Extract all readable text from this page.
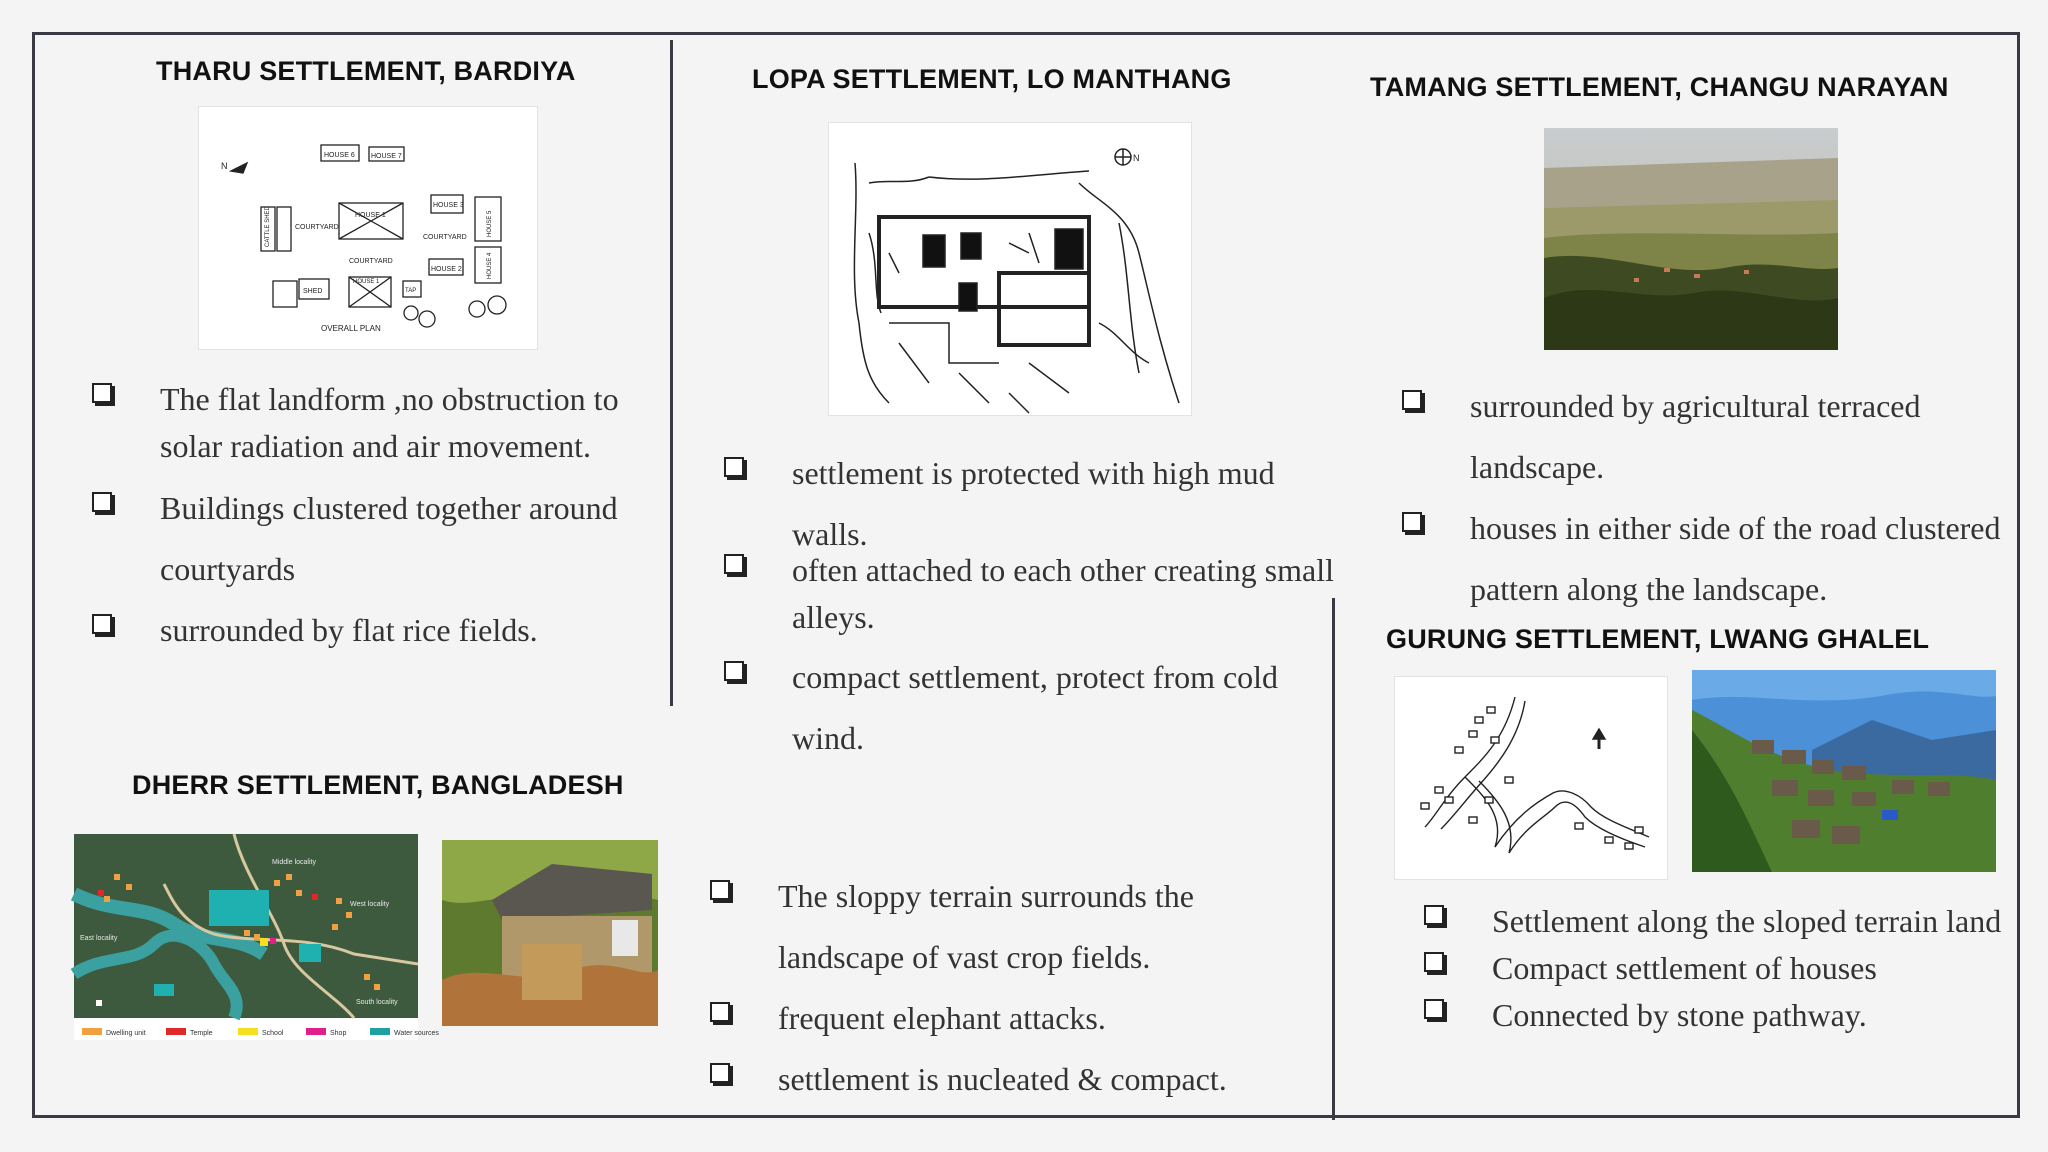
THARU SETTLEMENT, BARDIYA
N
HOUSE 6 HOUSE 7
CATTLE SHED	COURTYARD
HOUSE 1
COURTYARD
HOUSE 3
COURTYARD
HOUSE 5
HOUSE 4
HOUSE 2
SHED
HOUSE 1
TAP
OVERALL PLAN
The flat landform ,no obstruction to solar radiation and air movement.
Buildings clustered together around courtyards
surrounded by flat rice fields.
LOPA SETTLEMENT, LO MANTHANG
N
settlement is protected with high mud walls.
often attached to each other creating small alleys.
compact settlement, protect from cold wind.
TAMANG SETTLEMENT, CHANGU NARAYAN
surrounded by agricultural terraced landscape.
houses in either side of the road clustered pattern along the landscape.
DHERR SETTLEMENT, BANGLADESH
Middle locality
West locality
East locality
South locality
Dwelling unit	Temple	School	Shop	Water sources
The sloppy terrain surrounds the landscape of vast crop fields.
frequent elephant attacks.
settlement is nucleated & compact.
GURUNG SETTLEMENT, LWANG GHALEL
Settlement along the sloped terrain land
Compact settlement of houses
Connected by stone pathway.
